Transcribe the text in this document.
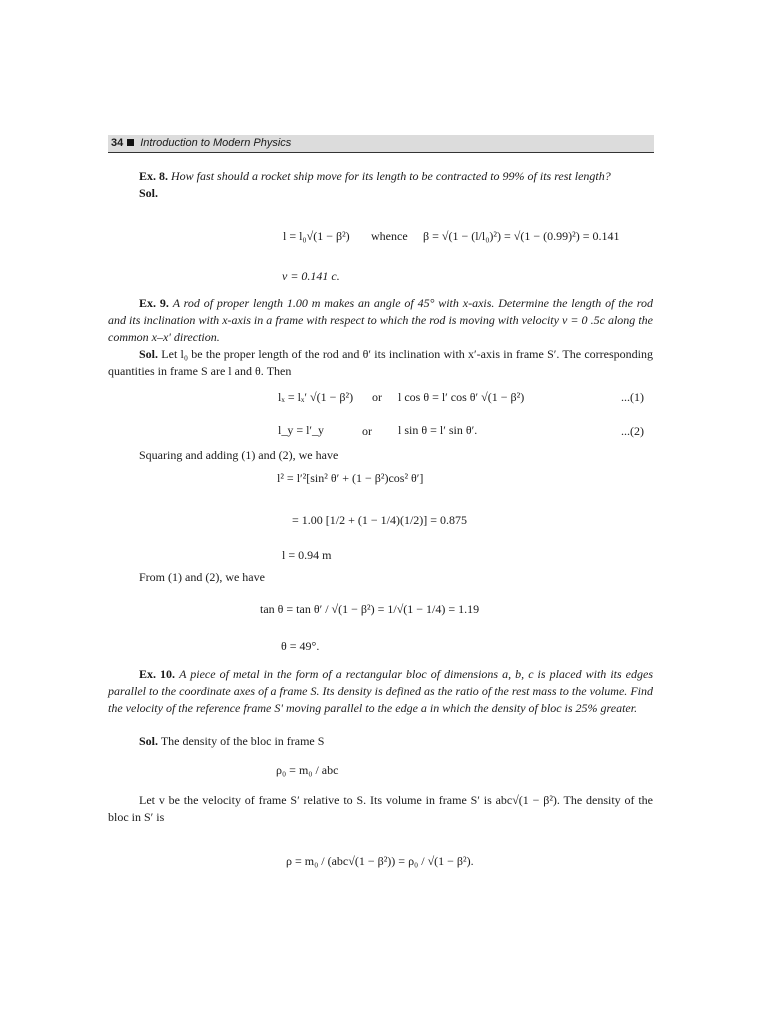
34 Introduction to Modern Physics
Ex. 8. How fast should a rocket ship move for its length to be contracted to 99% of its rest length?
Sol.
l = l₀√(1 − β²) whence β = √(1 − (l/l₀)²) = √(1 − (0.99)²) = 0.141
v = 0.141 c.
Ex. 9. A rod of proper length 1.00 m makes an angle of 45° with x-axis. Determine the length of the rod and its inclination with x-axis in a frame with respect to which the rod is moving with velocity v = 0 .5c along the common x–x' direction.
Sol. Let l₀ be the proper length of the rod and θ′ its inclination with x′-axis in frame S′. The corresponding quantities in frame S are l and θ. Then
lₓ = lₓ′ √(1 − β²) or l cos θ = l′ cos θ′ √(1 − β²)	...(1)
l_y = l′_y	or l sin θ = l′ sin θ′.	...(2)
Squaring and adding (1) and (2), we have
l² = l′²[sin² θ′ + (1 − β²)cos² θ′]
= 1.00 [1/2 + (1 − 1/4)(1/2)] = 0.875
l = 0.94 m
From (1) and (2), we have
tan θ = tan θ′ / √(1 − β²) = 1/√(1 − 1/4) = 1.19
θ = 49°.
Ex. 10. A piece of metal in the form of a rectangular bloc of dimensions a, b, c is placed with its edges parallel to the coordinate axes of a frame S. Its density is defined as the ratio of the rest mass to the volume. Find the velocity of the reference frame S' moving parallel to the edge a in which the density of bloc is 25% greater.
Sol. The density of the bloc in frame S
ρ₀ = m₀ / abc
Let v be the velocity of frame S′ relative to S. Its volume in frame S′ is abc√(1 − β²). The density of the bloc in S′ is
ρ = m₀ / (abc√(1 − β²)) = ρ₀ / √(1 − β²).
